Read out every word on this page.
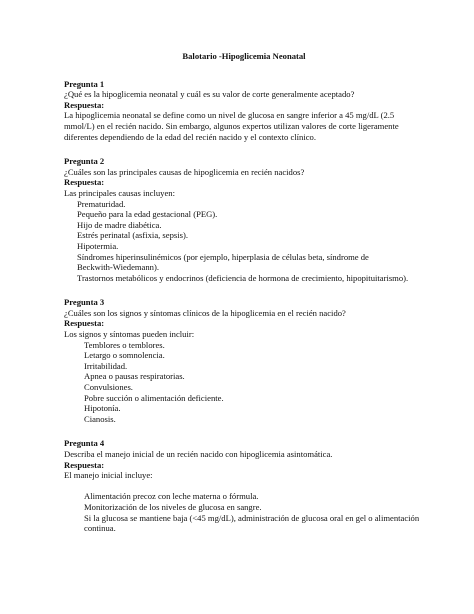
Balotario -Hipoglicemia Neonatal
Pregunta 1
¿Qué es la hipoglicemia neonatal y cuál es su valor de corte generalmente aceptado?
Respuesta:
La hipoglicemia neonatal se define como un nivel de glucosa en sangre inferior a 45 mg/dL (2.5
mmol/L) en el recién nacido. Sin embargo, algunos expertos utilizan valores de corte ligeramente
diferentes dependiendo de la edad del recién nacido y el contexto clínico.
Pregunta 2
¿Cuáles son las principales causas de hipoglicemia en recién nacidos?
Respuesta:
Las principales causas incluyen:
Prematuridad.
Pequeño para la edad gestacional (PEG).
Hijo de madre diabética.
Estrés perinatal (asfixia, sepsis).
Hipotermia.
Síndromes hiperinsulinémicos (por ejemplo, hiperplasia de células beta, síndrome de
Beckwith-Wiedemann).
Trastornos metabólicos y endocrinos (deficiencia de hormona de crecimiento, hipopituitarismo).
Pregunta 3
¿Cuáles son los signos y síntomas clínicos de la hipoglicemia en el recién nacido?
Respuesta:
Los signos y síntomas pueden incluir:
Temblores o temblores.
Letargo o somnolencia.
Irritabilidad.
Apnea o pausas respiratorias.
Convulsiones.
Pobre succión o alimentación deficiente.
Hipotonía.
Cianosis.
Pregunta 4
Describa el manejo inicial de un recién nacido con hipoglicemia asintomática.
Respuesta:
El manejo inicial incluye:
Alimentación precoz con leche materna o fórmula.
Monitorización de los niveles de glucosa en sangre.
Si la glucosa se mantiene baja (<45 mg/dL), administración de glucosa oral en gel o alimentación
continua.
